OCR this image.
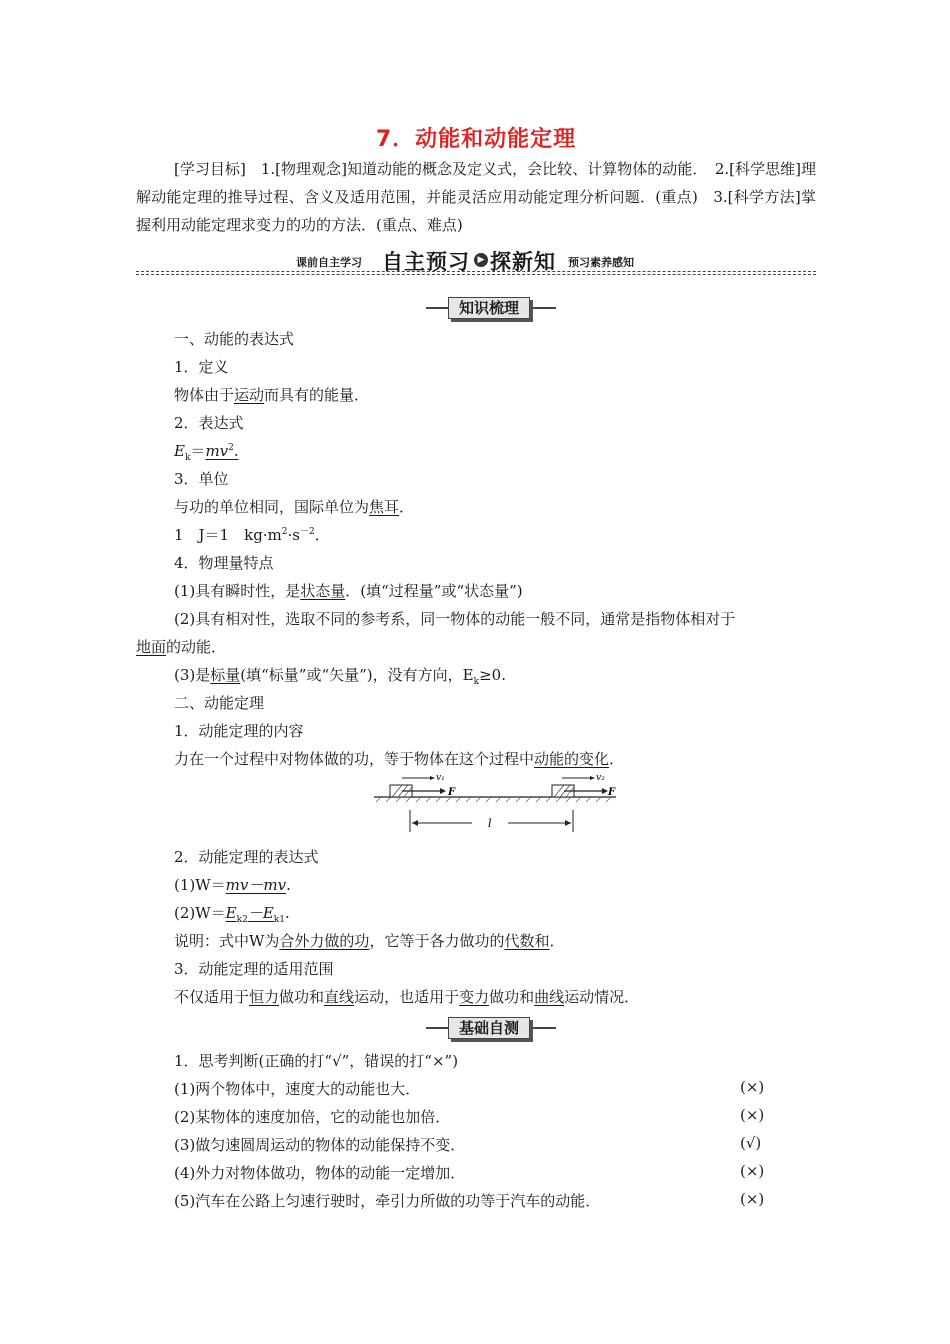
7．动能和动能定理
[学习目标]　1.[物理观念]知道动能的概念及定义式，会比较、计算物体的动能．　2.[科学思维]理解动能定理的推导过程、含义及适用范围，并能灵活应用动能定理分析问题．(重点)　3.[科学方法]掌握利用动能定理求变力的功的方法．(重点、难点)
课前自主学习 自主预习 ▶ 探新知 预习素养感知
知识梳理
一、动能的表达式
1．定义
物体由于运动而具有的能量．
2．表达式
$E_k=mv^2$.
3．单位
与功的单位相同，国际单位为焦耳．
1　J＝1　$kg\cdot m^2\cdot s^{-2}$．
4．物理量特点
(1)具有瞬时性，是状态量．(填“过程量”或“状态量”)
(2)具有相对性，选取不同的参考系，同一物体的动能一般不同，通常是指物体相对于
地面的动能．
(3)是标量(填“标量”或“矢量”)，没有方向，$E_k\ge 0$.
二、动能定理
1．动能定理的内容
力在一个过程中对物体做的功，等于物体在这个过程中动能的变化．
F
v₁
F
v₂
l
2．动能定理的表达式
(1)W＝mv－mv.
$(2)W=E_{k2}-E_{k1}$.
说明：式中W为合外力做的功，它等于各力做功的代数和．
3．动能定理的适用范围
不仅适用于恒力做功和直线运动，也适用于变力做功和曲线运动情况．
基础自测
1．思考判断(正确的打“√”，错误的打“×”)
(1)两个物体中，速度大的动能也大．	(×)
(2)某物体的速度加倍，它的动能也加倍．	(×)
(3)做匀速圆周运动的物体的动能保持不变．	(√)
(4)外力对物体做功，物体的动能一定增加．	(×)
(5)汽车在公路上匀速行驶时，牵引力所做的功等于汽车的动能．	(×)
